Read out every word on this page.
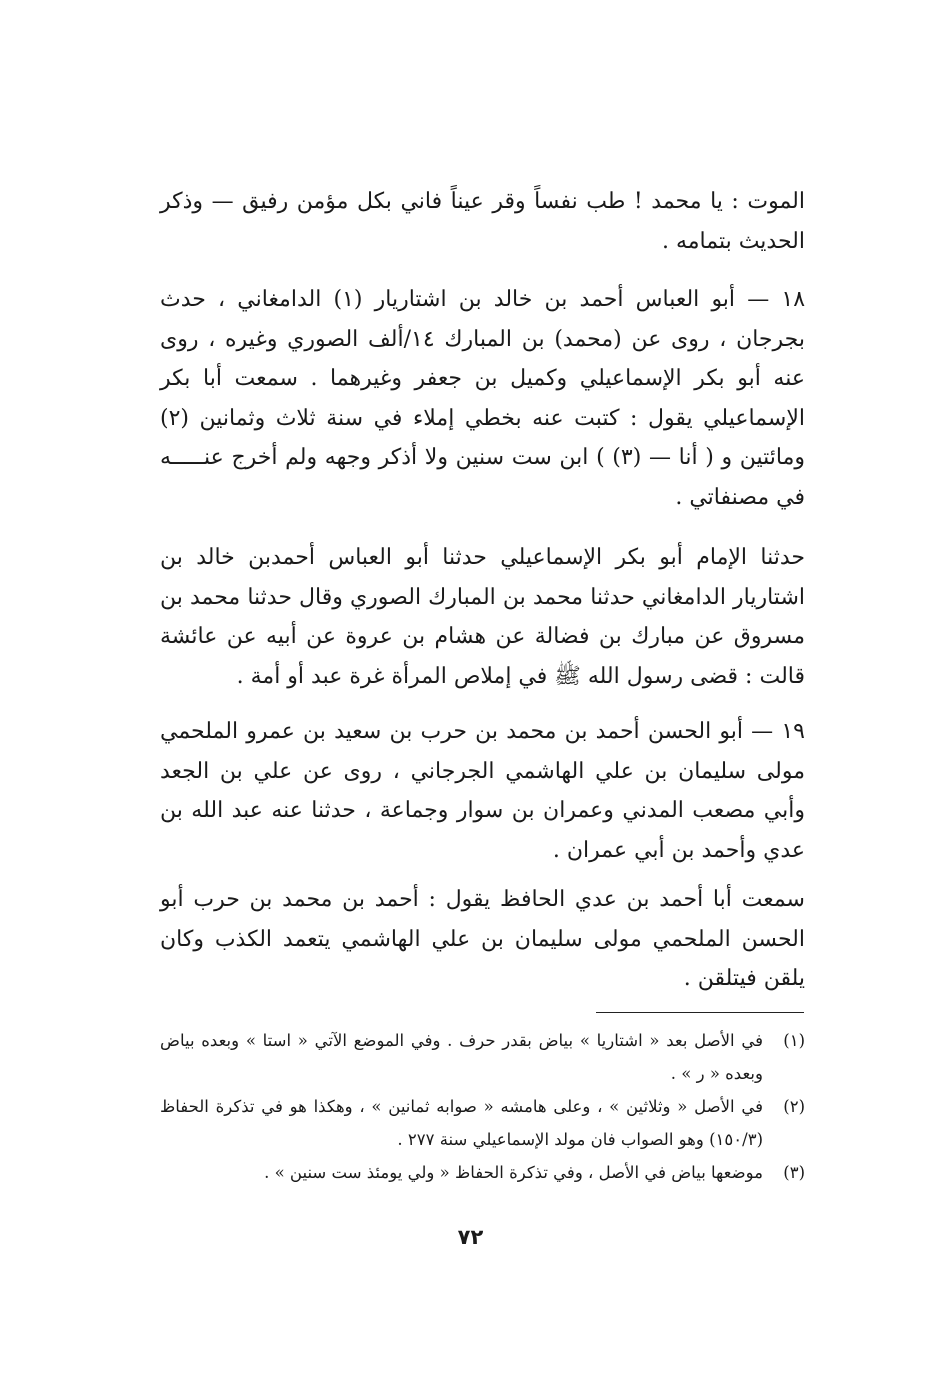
الموت : يا محمد ! طب نفساً وقر عيناً فاني بكل مؤمن رفيق — وذكر الحديث بتمامه .

١٨ — أبو العباس أحمد بن خالد بن اشتاريار (١) الدامغاني ، حدث بجرجان ، روى عن (محمد) بن المبارك ١٤/ألف الصوري وغيره ، روى عنه أبو بكر الإسماعيلي وكميل بن جعفر وغيرهما . سمعت أبا بكر الإسماعيلي يقول : كتبت عنه بخطي إملاء في سنة ثلاث وثمانين (٢) ومائتين و ( أنا — (٣) ) ابن ست سنين ولا أذكر وجهه ولم أخرج عنـــــه في مصنفاتي .

حدثنا الإمام أبو بكر الإسماعيلي حدثنا أبو العباس أحمدبن خالد بن اشتاريار الدامغاني حدثنا محمد بن المبارك الصوري وقال حدثنا محمد بن مسروق عن مبارك بن فضالة عن هشام بن عروة عن أبيه عن عائشة قالت : قضى رسول الله ﷺ في إملاص المرأة غرة عبد أو أمة .

١٩ — أبو الحسن أحمد بن محمد بن حرب بن سعيد بن عمرو الملحمي مولى سليمان بن علي الهاشمي الجرجاني ، روى عن علي بن الجعد وأبي مصعب المدني وعمران بن سوار وجماعة ، حدثنا عنه عبد الله بن عدي وأحمد بن أبي عمران .

سمعت أبا أحمد بن عدي الحافظ يقول : أحمد بن محمد بن حرب أبو الحسن الملحمي مولى سليمان بن علي الهاشمي يتعمد الكذب وكان يلقن فيتلقن .

(١)
في الأصل بعد « اشتاريا » بياض بقدر حرف . وفي الموضع الآتي « استا » وبعده بياض وبعده « ر » .
(٢)
في الأصل « وثلاثين » ، وعلى هامشه « صوابه ثمانين » ، وهكذا هو في تذكرة الحفاظ (١٥٠/٣) وهو الصواب فان مولد الإسماعيلي سنة ٢٧٧ .
(٣)
موضعها بياض في الأصل ، وفي تذكرة الحفاظ « ولي يومئذ ست سنين » .
٧٢
